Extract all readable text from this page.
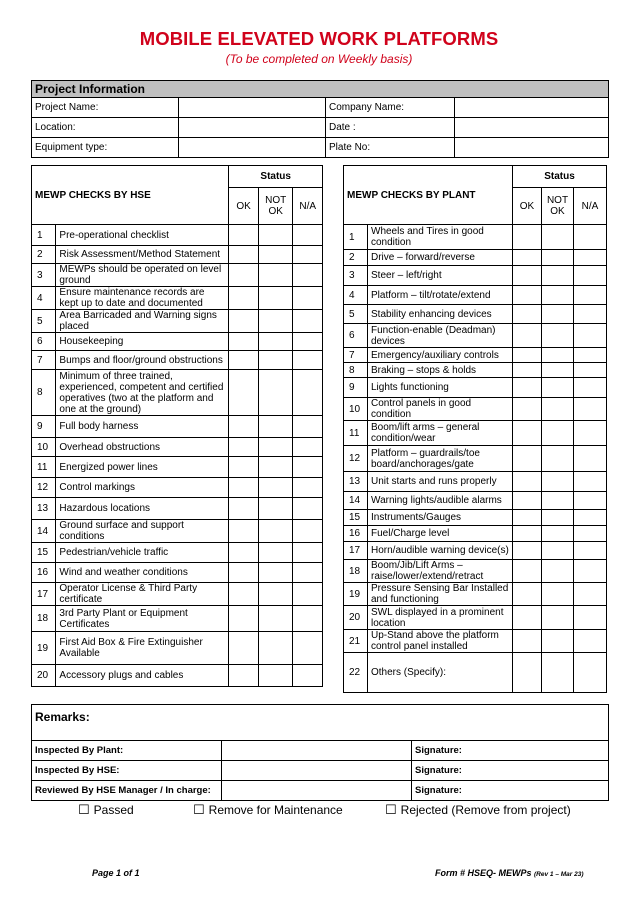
MOBILE ELEVATED WORK PLATFORMS
(To be completed on Weekly basis)
Project Information			
Project Name:		Company Name:	
Location:		Date :	
Equipment type:		Plate No:	
MEWP CHECKS BY HSE		Status		
		OK	NOT OK	N/A
1	Pre-operational checklist			
2	Risk Assessment/Method Statement			
3	MEWPs should be operated on level ground			
4	Ensure maintenance records are kept up to date and documented			
5	Area Barricaded and Warning signs placed			
6	Housekeeping			
7	Bumps and floor/ground obstructions			
8	Minimum of three trained, experienced, competent and certified operatives (two at the platform and one at the ground)			
9	Full body harness			
10	Overhead obstructions			
11	Energized power lines			
12	Control markings			
13	Hazardous locations			
14	Ground surface and support conditions			
15	Pedestrian/vehicle traffic			
16	Wind and weather conditions			
17	Operator License & Third Party certificate			
18	3rd Party Plant or Equipment Certificates			
19	First Aid Box & Fire Extinguisher Available			
20	Accessory plugs and cables			
MEWP CHECKS BY PLANT		Status		
		OK	NOT OK	N/A
1	Wheels and Tires in good condition			
2	Drive – forward/reverse			
3	Steer – left/right			
4	Platform – tilt/rotate/extend			
5	Stability enhancing devices			
6	Function-enable (Deadman) devices			
7	Emergency/auxiliary controls			
8	Braking – stops & holds			
9	Lights functioning			
10	Control panels in good condition			
11	Boom/lift arms – general condition/wear			
12	Platform – guardrails/toe board/anchorages/gate			
13	Unit starts and runs properly			
14	Warning lights/audible alarms			
15	Instruments/Gauges			
16	Fuel/Charge level			
17	Horn/audible warning device(s)			
18	Boom/Jib/Lift Arms – raise/lower/extend/retract			
19	Pressure Sensing Bar Installed and functioning			
20	SWL displayed in a prominent location			
21	Up-Stand above the platform control panel installed			
22	Others (Specify):			
Remarks:		
Inspected By Plant:		Signature:
Inspected By HSE:		Signature:
Reviewed By HSE Manager / In charge:		Signature:
☐ Passed	☐ Remove for Maintenance	☐ Rejected (Remove from project)
Page 1 of 1	Form # HSEQ- MEWPs (Rev 1 – Mar 23)
